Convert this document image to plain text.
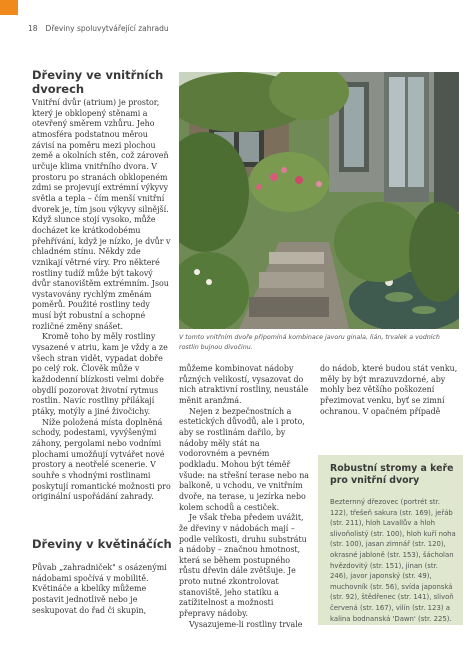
18 Dřeviny spoluvytvářející zahradu
Dřeviny ve vnitřních dvorech

Vnitřní dvůr (atrium) je prostor, který je obklopený stěnami a otevřený směrem vzhůru. Jeho atmosféra podstatnou měrou závisí na poměru mezi plochou země a okolních stěn, což zároveň určuje klima vnitřního dvora. V prostoru po stranách obklopeném zdmi se projevují extrémní výkyvy světla a tepla – čím menší vnitřní dvorek je, tím jsou výkyvy silnější. Když slunce stojí vysoko, může docházet ke krátkodobému přehřívání, když je nízko, je dvůr v chladném stínu. Někdy zde vznikají větrné víry. Pro některé rostliny tudíž může být takový dvůr stanovištěm extrémním. Jsou vystavovány rychlým změnám poměrů. Použité rostliny tedy musí být robustní a schopné rozličné změny snášet.

Kromě toho by měly rostliny vysazené v atriu, kam je vždy a ze všech stran vidět, vypadat dobře po celý rok. Člověk může v každodenní blízkosti velmi dobře obydlí pozorovat životní rytmus rostlin. Navíc rostliny přilákají ptáky, motýly a jiné živočichy.

Níže položená místa doplněná schody, podestami, vyvýšenými záhony, pergolami nebo vodními plochami umožňují vytvářet nové prostory a neotřelé scenerie. V souhře s vhodnými rostlinami poskytují romantické možnosti pro originální uspořádání zahrady.

Dřeviny v květináčích

Půvab „zahradniček" s osázenými nádobami spočívá v mobilitě. Květináče a kbelíky můžeme postavit jednotlivě nebo je seskupovat do řad či skupin,

V tomto vnitřním dvoře připomíná kombinace javoru ginala, lián, trvalek a vodních rostlin bujnou divočinu.

můžeme kombinovat nádoby různých velikostí, vysazovat do nich atraktivní rostliny, neustále měnit aranžmá.

Nejen z bezpečnostních a estetických důvodů, ale i proto, aby se rostlinám dařilo, by nádoby měly stát na vodorovném a pevném podkladu. Mohou být téměř všude: na střešní terase nebo na balkoně, u vchodu, ve vnitřním dvoře, na terase, u jezírka nebo kolem schodů a cestiček.

Je však třeba předem uvážit, že dřeviny v nádobách mají – podle velikosti, druhu substrátu a nádoby – značnou hmotnost, která se během postupného růstu dřevin dále zvětšuje. Je proto nutné zkontrolovat stanoviště, jeho statiku a zatížitelnost a možnosti přepravy nádoby.

Vysazujeme-li rostliny trvale

do nádob, které budou stát venku, měly by být mrazuvzdorné, aby mohly bez většího poškození přezimovat venku, byť se zimní ochranou. V opačném případě

Robustní stromy a keře pro vnitřní dvory
Bezternný dřezovec (portrét str. 122), třešeň sakura (str. 169), jeřáb (str. 211), hloh Lavallův a hloh slivoňolistý (str. 100), hloh kuří noha (str. 100), jasan zimnář (str. 120), okrasné jabloně (str. 153), šácholan hvězdovitý (str. 151), jinan (str. 246), javor japonský (str. 49), muchovník (str. 56), svída japonská (str. 92), štědřenec (str. 141), slivoň červená (str. 167), vilín (str. 123) a kalina bodnanská 'Dawn' (str. 225).
